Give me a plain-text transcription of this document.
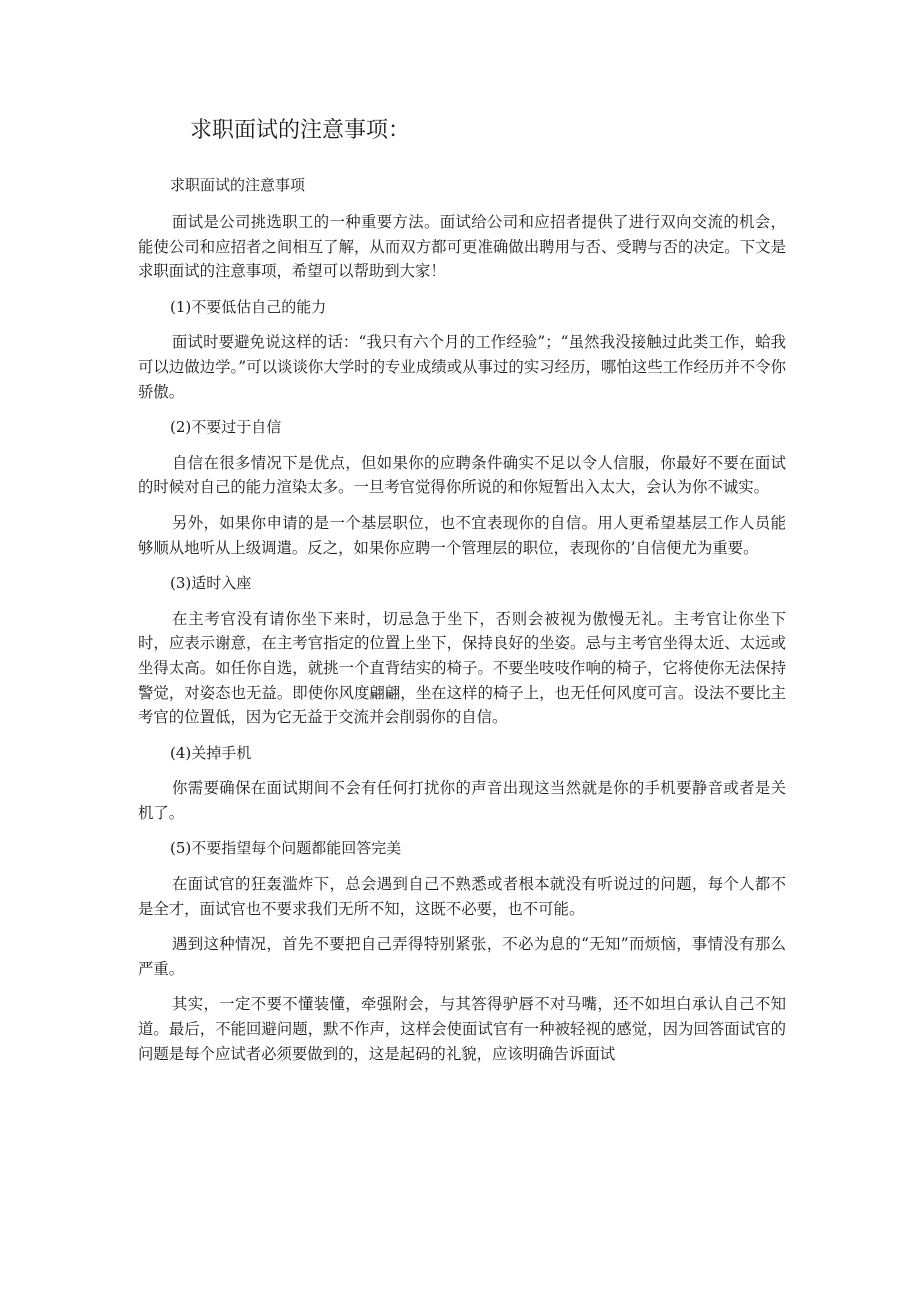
求职面试的注意事项：

求职面试的注意事项

面试是公司挑选职工的一种重要方法。面试给公司和应招者提供了进行双向交流的机会，能使公司和应招者之间相互了解，从而双方都可更准确做出聘用与否、受聘与否的决定。下文是求职面试的注意事项，希望可以帮助到大家！

(1)不要低估自己的能力

面试时要避免说这样的话：“我只有六个月的工作经验”；“虽然我没接触过此类工作，蛤我可以边做边学。”可以谈谈你大学时的专业成绩或从事过的实习经历，哪怕这些工作经历并不令你骄傲。

(2)不要过于自信

自信在很多情况下是优点，但如果你的应聘条件确实不足以令人信服，你最好不要在面试的时候对自己的能力渲染太多。一旦考官觉得你所说的和你短暂出入太大，会认为你不诚实。

另外，如果你申请的是一个基层职位，也不宜表现你的自信。用人更希望基层工作人员能够顺从地听从上级调遣。反之，如果你应聘一个管理层的职位，表现你的’自信便尤为重要。

(3)适时入座

在主考官没有请你坐下来时，切忌急于坐下，否则会被视为傲慢无礼。主考官让你坐下时，应表示谢意，在主考官指定的位置上坐下，保持良好的坐姿。忌与主考官坐得太近、太远或坐得太高。如任你自选，就挑一个直背结实的椅子。不要坐吱吱作响的椅子，它将使你无法保持警觉，对姿态也无益。即使你风度翩翩，坐在这样的椅子上，也无任何风度可言。设法不要比主考官的位置低，因为它无益于交流并会削弱你的自信。

(4)关掉手机

你需要确保在面试期间不会有任何打扰你的声音出现这当然就是你的手机要静音或者是关机了。

(5)不要指望每个问题都能回答完美

在面试官的狂轰滥炸下，总会遇到自己不熟悉或者根本就没有听说过的问题，每个人都不是全才，面试官也不要求我们无所不知，这既不必要，也不可能。

遇到这种情况，首先不要把自己弄得特别紧张，不必为息的“无知”而烦恼，事情没有那么严重。

其实，一定不要不懂装懂，牵强附会，与其答得驴唇不对马嘴，还不如坦白承认自己不知道。最后，不能回避问题，默不作声，这样会使面试官有一种被轻视的感觉，因为回答面试官的问题是每个应试者必须要做到的，这是起码的礼貌，应该明确告诉面试
